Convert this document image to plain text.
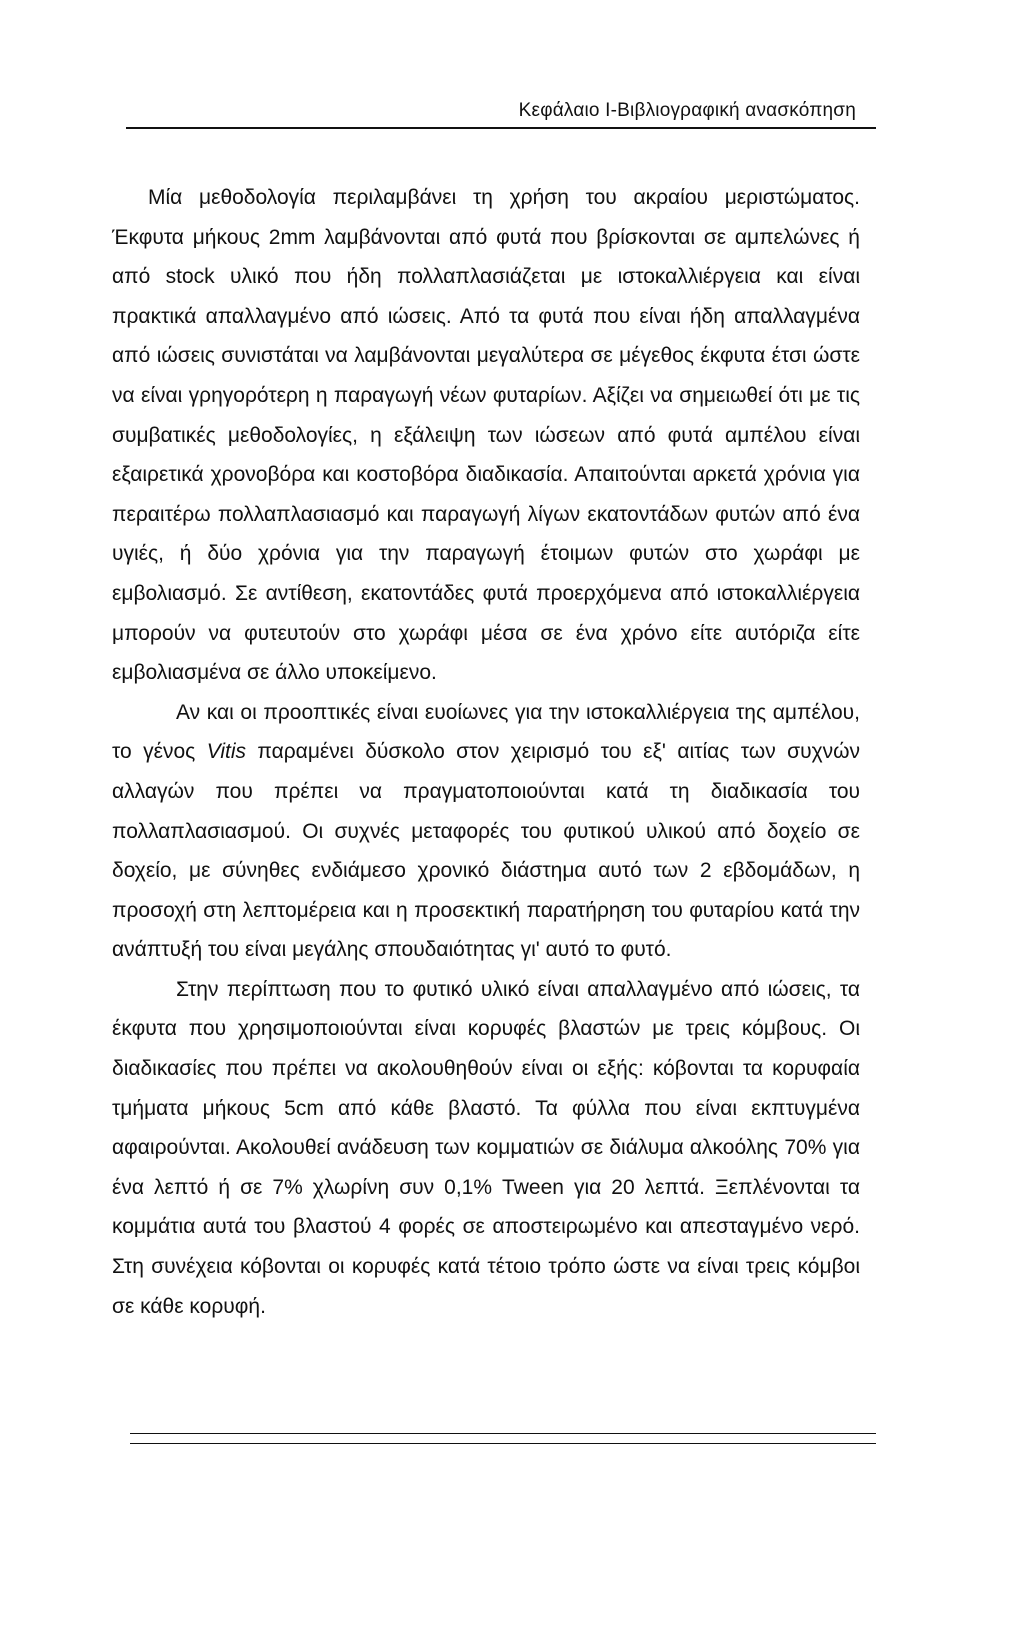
Κεφάλαιο Ι-Βιβλιογραφική ανασκόπηση

Μία μεθοδολογία περιλαμβάνει τη χρήση του ακραίου μεριστώματος. Έκφυτα μήκους 2mm λαμβάνονται από φυτά που βρίσκονται σε αμπελώνες ή από stock υλικό που ήδη πολλαπλασιάζεται με ιστοκαλλιέργεια και είναι πρακτικά απαλλαγμένο από ιώσεις. Από τα φυτά που είναι ήδη απαλλαγμένα από ιώσεις συνιστάται να λαμβάνονται μεγαλύτερα σε μέγεθος έκφυτα έτσι ώστε να είναι γρηγορότερη η παραγωγή νέων φυταρίων. Αξίζει να σημειωθεί ότι με τις συμβατικές μεθοδολογίες, η εξάλειψη των ιώσεων από φυτά αμπέλου είναι εξαιρετικά χρονοβόρα και κοστοβόρα διαδικασία. Απαιτούνται αρκετά χρόνια για περαιτέρω πολλαπλασιασμό και παραγωγή λίγων εκατοντάδων φυτών από ένα υγιές, ή δύο χρόνια για την παραγωγή έτοιμων φυτών στο χωράφι με εμβολιασμό. Σε αντίθεση, εκατοντάδες φυτά προερχόμενα από ιστοκαλλιέργεια μπορούν να φυτευτούν στο χωράφι μέσα σε ένα χρόνο είτε αυτόριζα είτε εμβολιασμένα σε άλλο υποκείμενο.

Αν και οι προοπτικές είναι ευοίωνες για την ιστοκαλλιέργεια της αμπέλου, το γένος Vitis παραμένει δύσκολο στον χειρισμό του εξ' αιτίας των συχνών αλλαγών που πρέπει να πραγματοποιούνται κατά τη διαδικασία του πολλαπλασιασμού. Οι συχνές μεταφορές του φυτικού υλικού από δοχείο σε δοχείο, με σύνηθες ενδιάμεσο χρονικό διάστημα αυτό των 2 εβδομάδων, η προσοχή στη λεπτομέρεια και η προσεκτική παρατήρηση του φυταρίου κατά την ανάπτυξή του είναι μεγάλης σπουδαιότητας γι' αυτό το φυτό.

Στην περίπτωση που το φυτικό υλικό είναι απαλλαγμένο από ιώσεις, τα έκφυτα που χρησιμοποιούνται είναι κορυφές βλαστών με τρεις κόμβους. Οι διαδικασίες που πρέπει να ακολουθηθούν είναι οι εξής: κόβονται τα κορυφαία τμήματα μήκους 5cm από κάθε βλαστό. Τα φύλλα που είναι εκπτυγμένα αφαιρούνται. Ακολουθεί ανάδευση των κομματιών σε διάλυμα αλκοόλης 70% για ένα λεπτό ή σε 7% χλωρίνη συν 0,1% Tween για 20 λεπτά. Ξεπλένονται τα κομμάτια αυτά του βλαστού 4 φορές σε αποστειρωμένο και απεσταγμένο νερό. Στη συνέχεια κόβονται οι κορυφές κατά τέτοιο τρόπο ώστε να είναι τρεις κόμβοι σε κάθε κορυφή.
